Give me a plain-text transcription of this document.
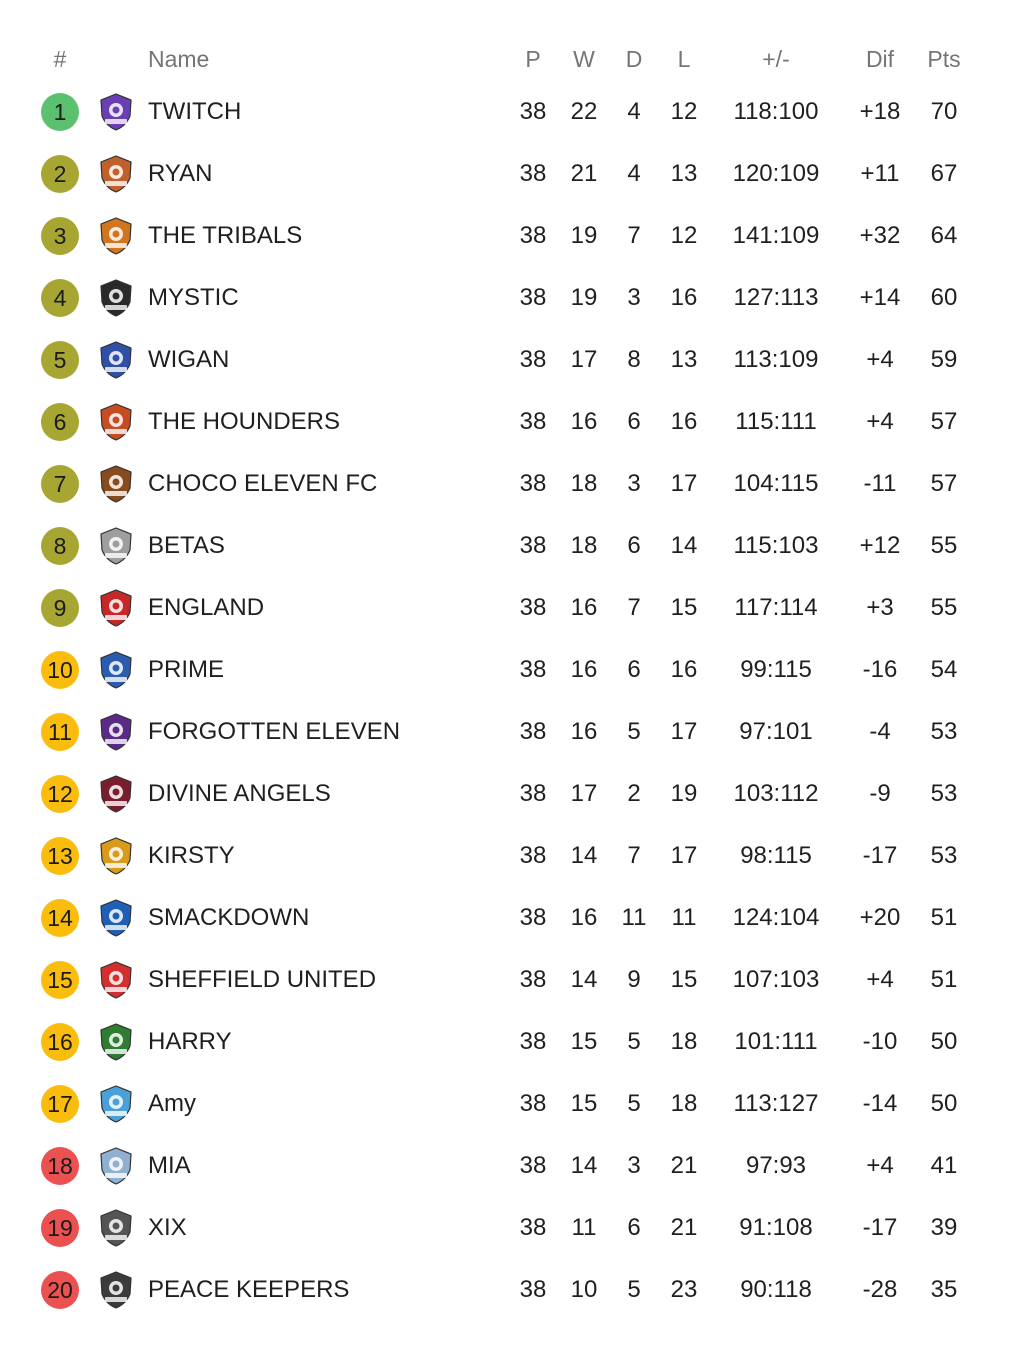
#	Name	P	W	D	L	+/-	Dif	Pts
1	TWITCH	38	22	4	12	118:100	+18	70
2	RYAN	38	21	4	13	120:109	+11	67
3	THE TRIBALS	38	19	7	12	141:109	+32	64
4	MYSTIC	38	19	3	16	127:113	+14	60
5	WIGAN	38	17	8	13	113:109	+4	59
6	THE HOUNDERS	38	16	6	16	115:111	+4	57
7	CHOCO ELEVEN FC	38	18	3	17	104:115	-11	57
8	BETAS	38	18	6	14	115:103	+12	55
9	ENGLAND	38	16	7	15	117:114	+3	55
10	PRIME	38	16	6	16	99:115	-16	54
11	FORGOTTEN ELEVEN	38	16	5	17	97:101	-4	53
12	DIVINE ANGELS	38	17	2	19	103:112	-9	53
13	KIRSTY	38	14	7	17	98:115	-17	53
14	SMACKDOWN	38	16	11	11	124:104	+20	51
15	SHEFFIELD UNITED	38	14	9	15	107:103	+4	51
16	HARRY	38	15	5	18	101:111	-10	50
17	Amy	38	15	5	18	113:127	-14	50
18	MIA	38	14	3	21	97:93	+4	41
19	XIX	38	11	6	21	91:108	-17	39
20	PEACE KEEPERS	38	10	5	23	90:118	-28	35
